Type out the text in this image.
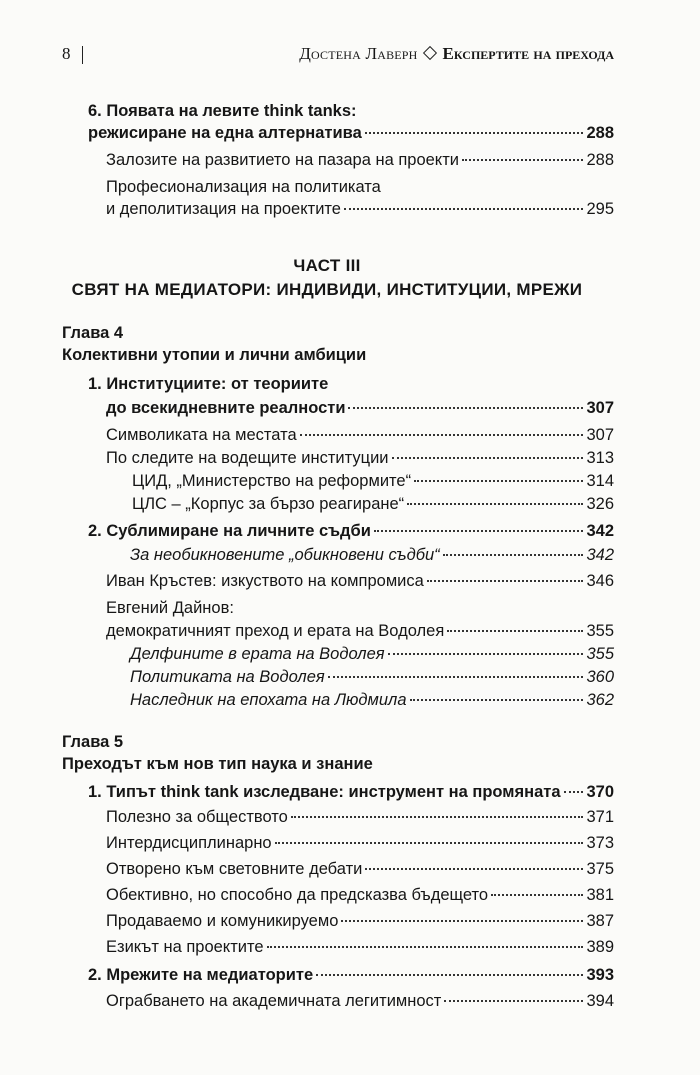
8	Достена Лаверн Експертите на прехода
6. Появата на левите think tanks:
режисиране на една алтернатива	288
Залозите на развитието на пазара на проекти	288
Професионализация на политиката
и деполитизация на проектите	295
ЧАСТ III
СВЯТ НА МЕДИАТОРИ: ИНДИВИДИ, ИНСТИТУЦИИ, МРЕЖИ
Глава 4
Колективни утопии и лични амбиции
1. Институциите: от теориите
до всекидневните реалности	307
Символиката на местата	307
По следите на водещите институции	313
ЦИД, „Министерство на реформите“	314
ЦЛС – „Корпус за бързо реагиране“	326
2. Сублимиране на личните съдби	342
За необикновените „обикновени съдби“	342
Иван Кръстев: изкуството на компромиса	346
Евгений Дайнов:
демократичният преход и ерата на Водолея	355
Делфините в ерата на Водолея	355
Политиката на Водолея	360
Наследник на епохата на Людмила	362
Глава 5
Преходът към нов тип наука и знание
1. Типът think tank изследване: инструмент на промяната 370
Полезно за обществото	371
Интердисциплинарно	373
Отворено към световните дебати	375
Обективно, но способно да предсказва бъдещето	381
Продаваемо и комуникируемо	387
Езикът на проектите	389
2. Мрежите на медиаторите	393
Ограбването на академичната легитимност	394
